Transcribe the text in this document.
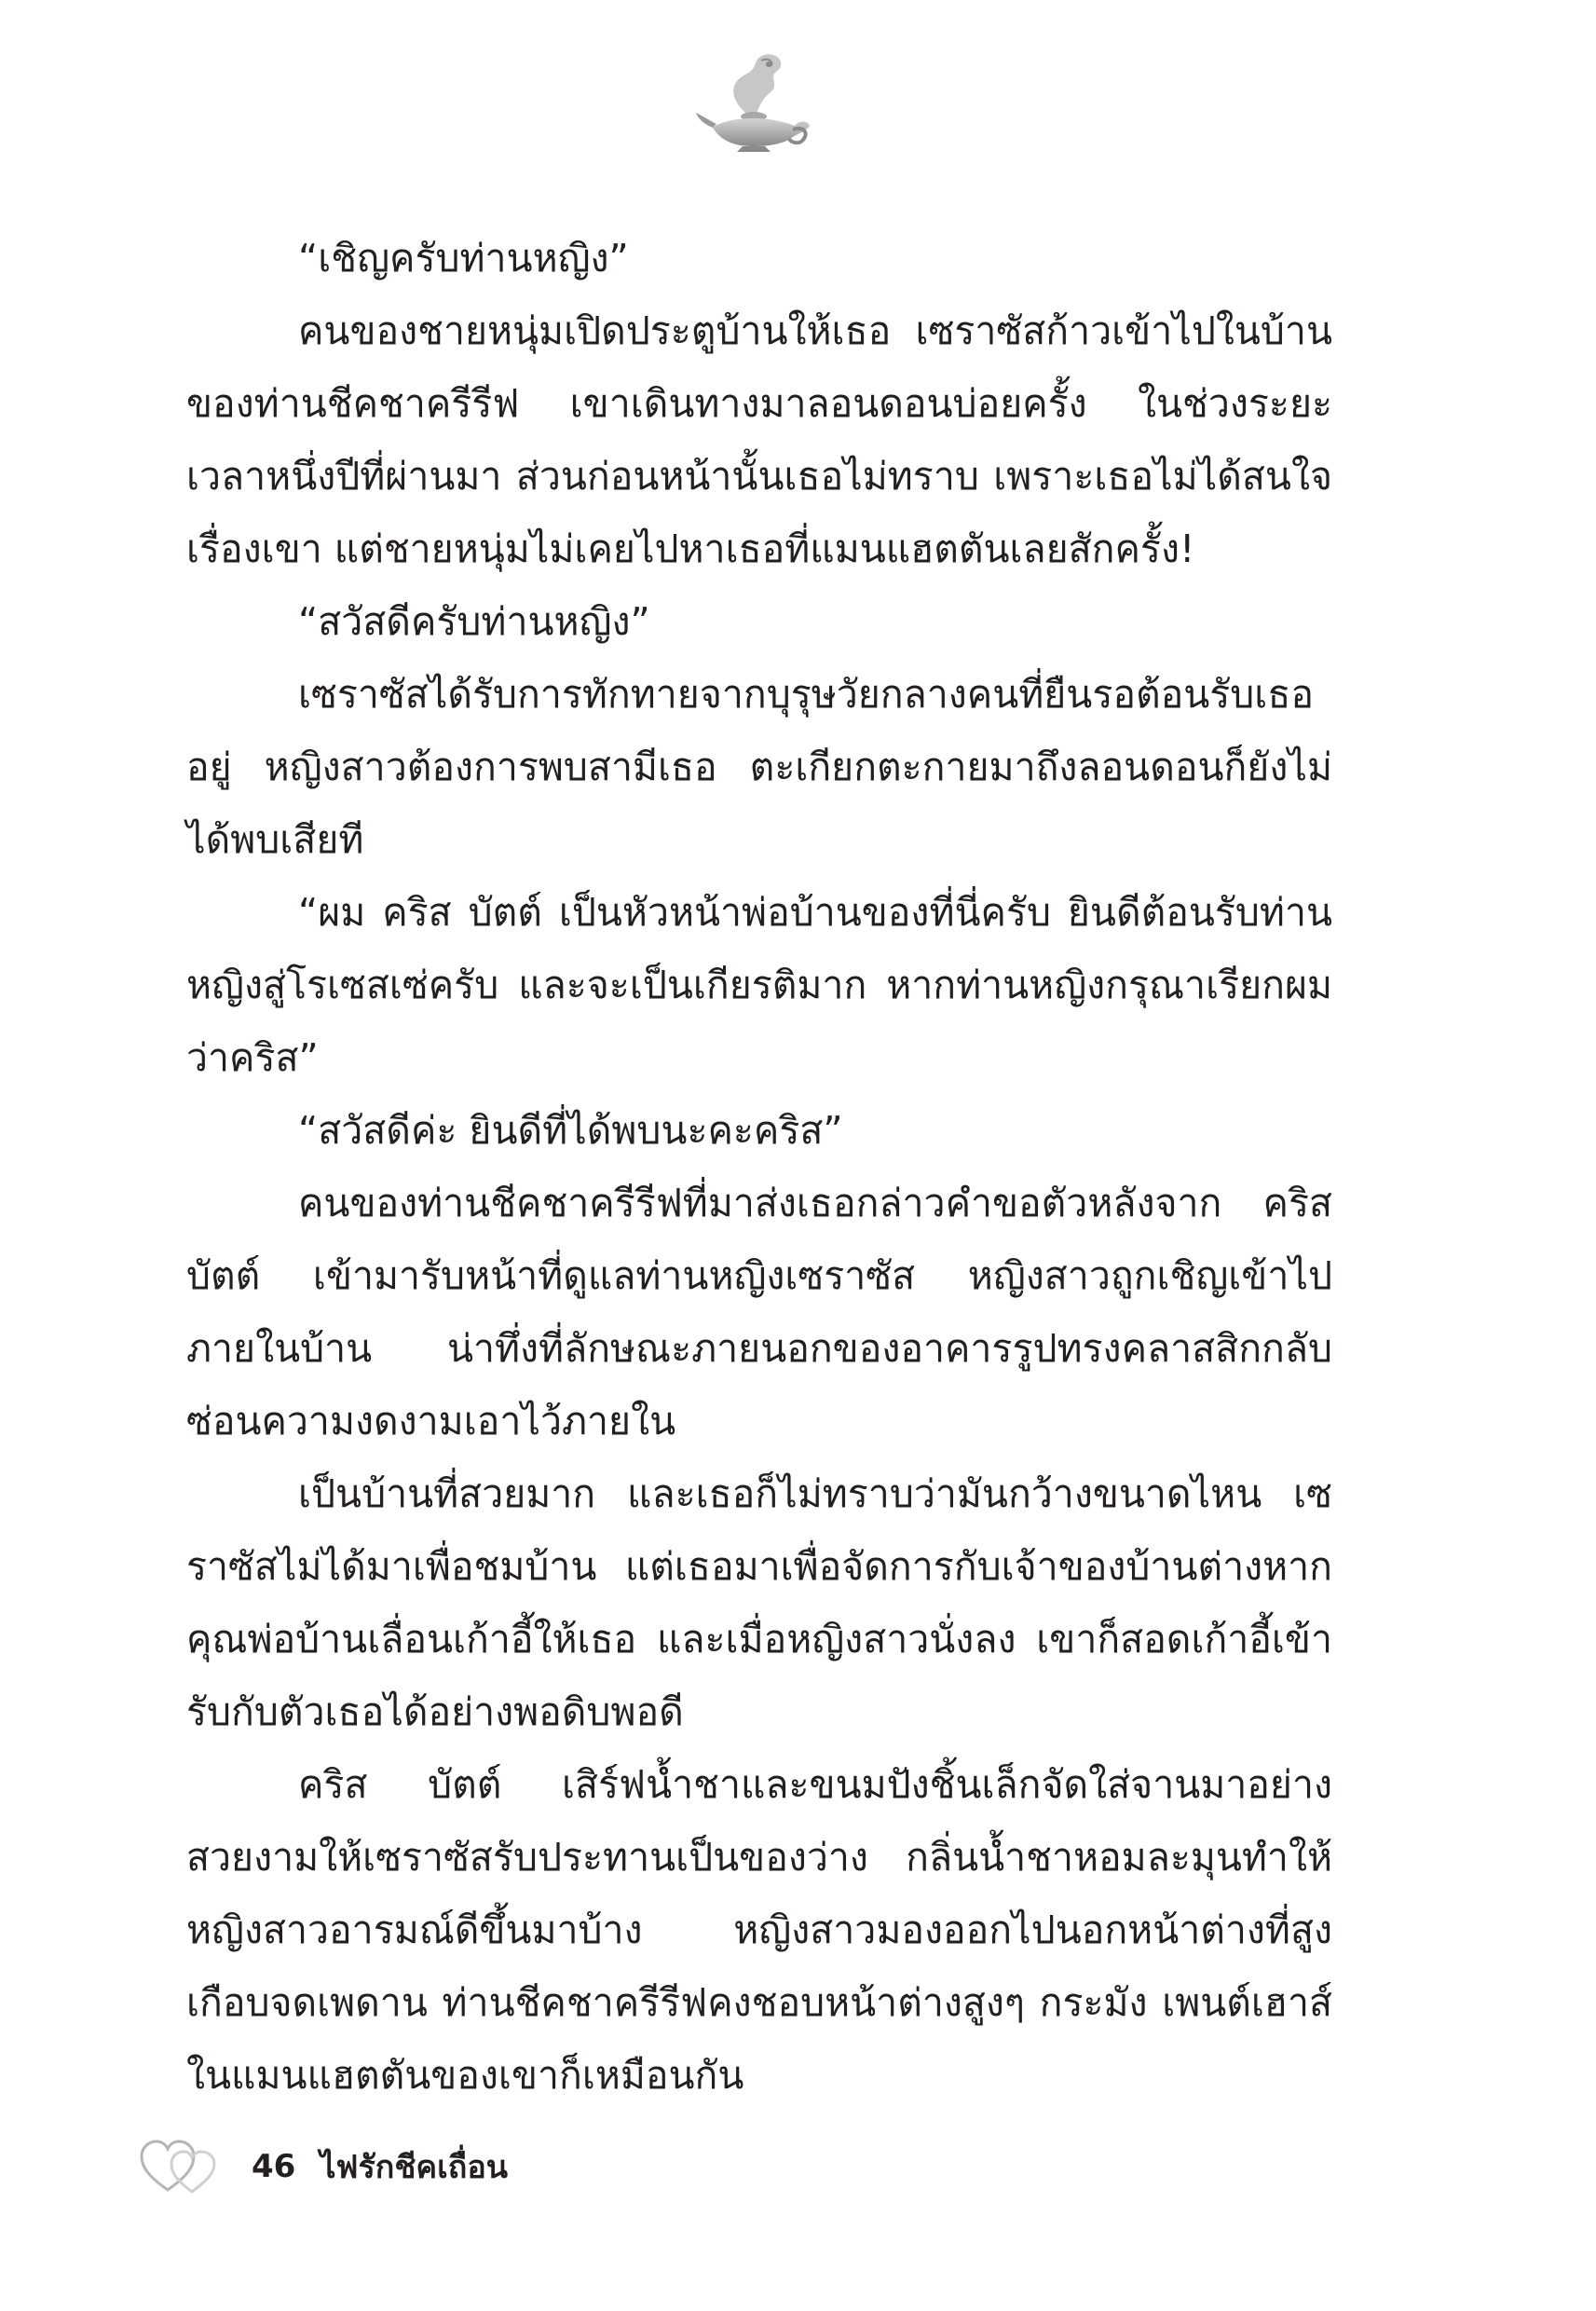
“เชิญครับท่านหญิง”

คนของชายหนุ่มเปิดประตูบ้านให้เธอ เซราซัสก้าวเข้าไปในบ้านของท่านชีคชาครีรีฟ เขาเดินทางมาลอนดอนบ่อยครั้ง ในช่วงระยะเวลาหนึ่งปีที่ผ่านมา ส่วนก่อนหน้านั้นเธอไม่ทราบ เพราะเธอไม่ได้สนใจเรื่องเขา แต่ชายหนุ่มไม่เคยไปหาเธอที่แมนแฮตตันเลยสักครั้ง!

“สวัสดีครับท่านหญิง”

เซราซัสได้รับการทักทายจากบุรุษวัยกลางคนที่ยืนรอต้อนรับเธออยู่ หญิงสาวต้องการพบสามีเธอ ตะเกียกตะกายมาถึงลอนดอนก็ยังไม่ได้พบเสียที

“ผม คริส บัตต์ เป็นหัวหน้าพ่อบ้านของที่นี่ครับ ยินดีต้อนรับท่านหญิงสู่โรเซสเซ่ครับ และจะเป็นเกียรติมาก หากท่านหญิงกรุณาเรียกผมว่าคริส”

“สวัสดีค่ะ ยินดีที่ได้พบนะคะคริส”

คนของท่านชีคชาครีรีฟที่มาส่งเธอกล่าวคำขอตัวหลังจาก คริส บัตต์ เข้ามารับหน้าที่ดูแลท่านหญิงเซราซัส หญิงสาวถูกเชิญเข้าไปภายในบ้าน น่าทึ่งที่ลักษณะภายนอกของอาคารรูปทรงคลาสสิกกลับซ่อนความงดงามเอาไว้ภายใน

เป็นบ้านที่สวยมาก และเธอก็ไม่ทราบว่ามันกว้างขนาดไหน เซราซัสไม่ได้มาเพื่อชมบ้าน แต่เธอมาเพื่อจัดการกับเจ้าของบ้านต่างหาก คุณพ่อบ้านเลื่อนเก้าอี้ให้เธอ และเมื่อหญิงสาวนั่งลง เขาก็สอดเก้าอี้เข้ารับกับตัวเธอได้อย่างพอดิบพอดี

คริส บัตต์ เสิร์ฟน้ำชาและขนมปังชิ้นเล็กจัดใส่จานมาอย่างสวยงามให้เซราซัสรับประทานเป็นของว่าง กลิ่นน้ำชาหอมละมุนทำให้หญิงสาวอารมณ์ดีขึ้นมาบ้าง หญิงสาวมองออกไปนอกหน้าต่างที่สูงเกือบจดเพดาน ท่านชีคชาครีรีฟคงชอบหน้าต่างสูงๆ กระมัง เพนต์เฮาส์ในแมนแฮตตันของเขาก็เหมือนกัน

46 ไฟรักชีคเถื่อน
